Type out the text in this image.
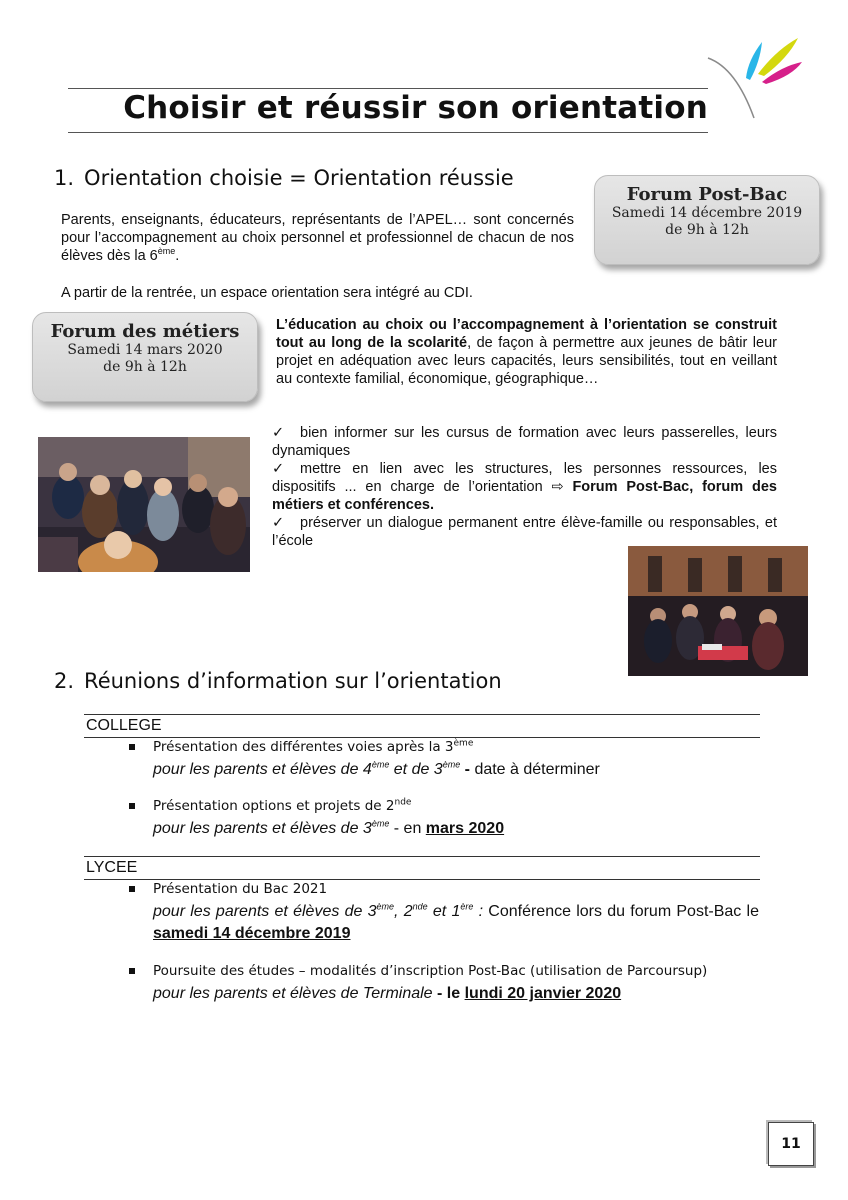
Choisir et réussir son orientation
1. Orientation choisie = Orientation réussie
Forum Post-Bac
Samedi 14 décembre 2019
de 9h à 12h
Parents, enseignants, éducateurs, représentants de l’APEL… sont concernés pour l’accompagnement au choix personnel et professionnel de chacun de nos élèves dès la 6ème.
A partir de la rentrée, un espace orientation sera intégré au CDI.
Forum des métiers
Samedi 14 mars 2020
de 9h à 12h
L’éducation au choix ou l’accompagnement à l’orientation se construit tout au long de la scolarité, de façon à permettre aux jeunes de bâtir leur projet en adéquation avec leurs capacités, leurs sensibilités, tout en veillant au contexte familial, économique, géographique…
✓ bien informer sur les cursus de formation avec leurs passerelles, leurs dynamiques
✓ mettre en lien avec les structures, les personnes ressources, les dispositifs ... en charge de l’orientation ⇨ Forum Post-Bac, forum des métiers et conférences.
✓ préserver un dialogue permanent entre élève-famille ou responsables, et l’école
2. Réunions d’information sur l’orientation
COLLEGE
Présentation des différentes voies après la 3ème
pour les parents et élèves de 4ème et de 3ème - date à déterminer
Présentation options et projets de 2nde
pour les parents et élèves de 3ème - en mars 2020
LYCEE
Présentation du Bac 2021
pour les parents et élèves de 3ème, 2nde et 1ère : Conférence lors du forum Post-Bac le samedi 14 décembre 2019
Poursuite des études – modalités d’inscription Post-Bac (utilisation de Parcoursup)
pour les parents et élèves de Terminale - le lundi 20 janvier 2020
11
